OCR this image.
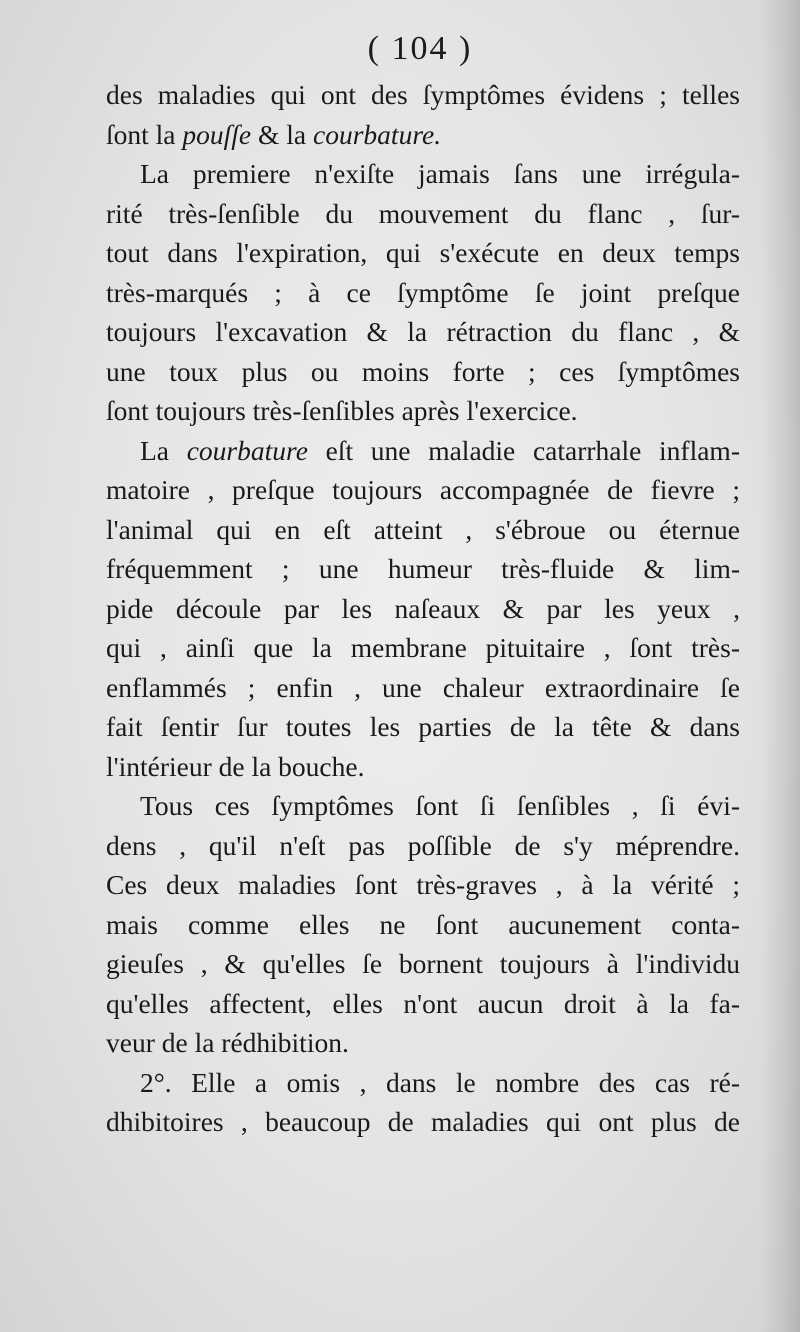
( 104 )
des maladies qui ont des ſymptômes évidens ; telles
ſont la pouſſe & la courbature.
La premiere n'exiſte jamais ſans une irrégula-
rité très-ſenſible du mouvement du flanc , ſur-
tout dans l'expiration, qui s'exécute en deux temps
très-marqués ; à ce ſymptôme ſe joint preſque
toujours l'excavation & la rétraction du flanc , &
une toux plus ou moins forte ; ces ſymptômes
ſont toujours très-ſenſibles après l'exercice.
La courbature eſt une maladie catarrhale inflam-
matoire , preſque toujours accompagnée de fievre ;
l'animal qui en eſt atteint , s'ébroue ou éternue
fréquemment ; une humeur très-fluide & lim-
pide découle par les naſeaux & par les yeux ,
qui , ainſi que la membrane pituitaire , ſont très-
enflammés ; enfin , une chaleur extraordinaire ſe
fait ſentir ſur toutes les parties de la tête & dans
l'intérieur de la bouche.
Tous ces ſymptômes ſont ſi ſenſibles , ſi évi-
dens , qu'il n'eſt pas poſſible de s'y méprendre.
Ces deux maladies ſont très-graves , à la vérité ;
mais comme elles ne ſont aucunement conta-
gieuſes , & qu'elles ſe bornent toujours à l'individu
qu'elles affectent, elles n'ont aucun droit à la fa-
veur de la rédhibition.
2°. Elle a omis , dans le nombre des cas ré-
dhibitoires , beaucoup de maladies qui ont plus de
